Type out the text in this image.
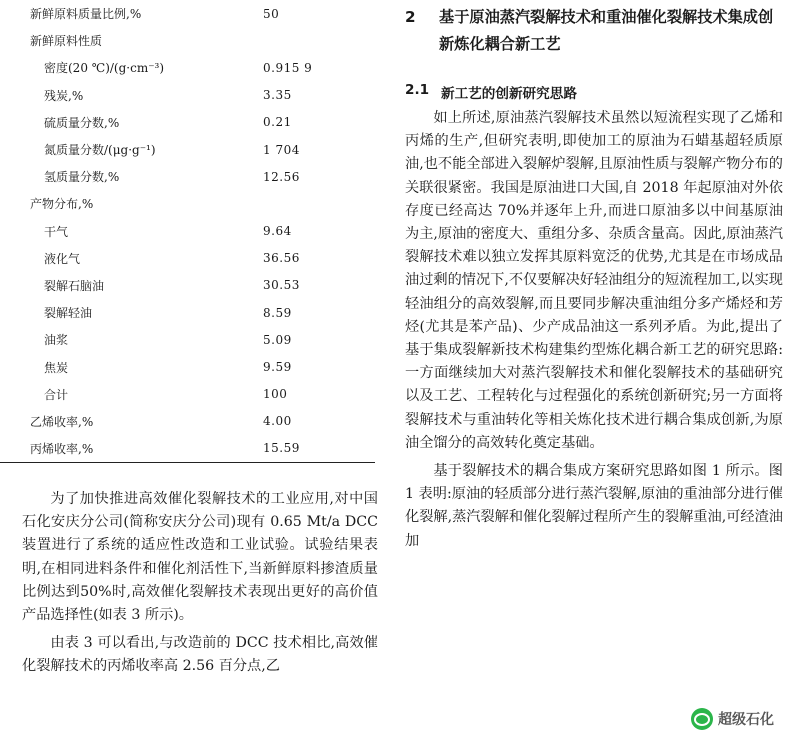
新鲜原料质量比例,%	50
新鲜原料性质	
密度(20 ℃)/(g·cm⁻³)	0.915 9
残炭,%	3.35
硫质量分数,%	0.21
氮质量分数/(μg·g⁻¹)	1 704
氢质量分数,%	12.56
产物分布,%	
干气	9.64
液化气	36.56
裂解石脑油	30.53
裂解轻油	8.59
油浆	5.09
焦炭	9.59
合计	100
乙烯收率,%	4.00
丙烯收率,%	15.59

为了加快推进高效催化裂解技术的工业应用,对中国石化安庆分公司(简称安庆分公司)现有 0.65 Mt/a DCC 装置进行了系统的适应性改造和工业试验。试验结果表明,在相同进料条件和催化剂活性下,当新鲜原料掺渣质量比例达到50%时,高效催化裂解技术表现出更好的高价值产品选择性(如表 3 所示)。

由表 3 可以看出,与改造前的 DCC 技术相比,高效催化裂解技术的丙烯收率高 2.56 百分点,乙

2	基于原油蒸汽裂解技术和重油催化裂解技术集成创新炼化耦合新工艺
2.1 新工艺的创新研究思路

如上所述,原油蒸汽裂解技术虽然以短流程实现了乙烯和丙烯的生产,但研究表明,即使加工的原油为石蜡基超轻质原油,也不能全部进入裂解炉裂解,且原油性质与裂解产物分布的关联很紧密。我国是原油进口大国,自 2018 年起原油对外依存度已经高达 70%并逐年上升,而进口原油多以中间基原油为主,原油的密度大、重组分多、杂质含量高。因此,原油蒸汽裂解技术难以独立发挥其原料宽泛的优势,尤其是在市场成品油过剩的情况下,不仅要解决好轻油组分的短流程加工,以实现轻油组分的高效裂解,而且要同步解决重油组分多产烯烃和芳烃(尤其是苯产品)、少产成品油这一系列矛盾。为此,提出了基于集成裂解新技术构建集约型炼化耦合新工艺的研究思路:一方面继续加大对蒸汽裂解技术和催化裂解技术的基础研究以及工艺、工程转化与过程强化的系统创新研究;另一方面将裂解技术与重油转化等相关炼化技术进行耦合集成创新,为原油全馏分的高效转化奠定基础。

基于裂解技术的耦合集成方案研究思路如图 1 所示。图 1 表明:原油的轻质部分进行蒸汽裂解,原油的重油部分进行催化裂解,蒸汽裂解和催化裂解过程所产生的裂解重油,可经渣油加

超级石化
